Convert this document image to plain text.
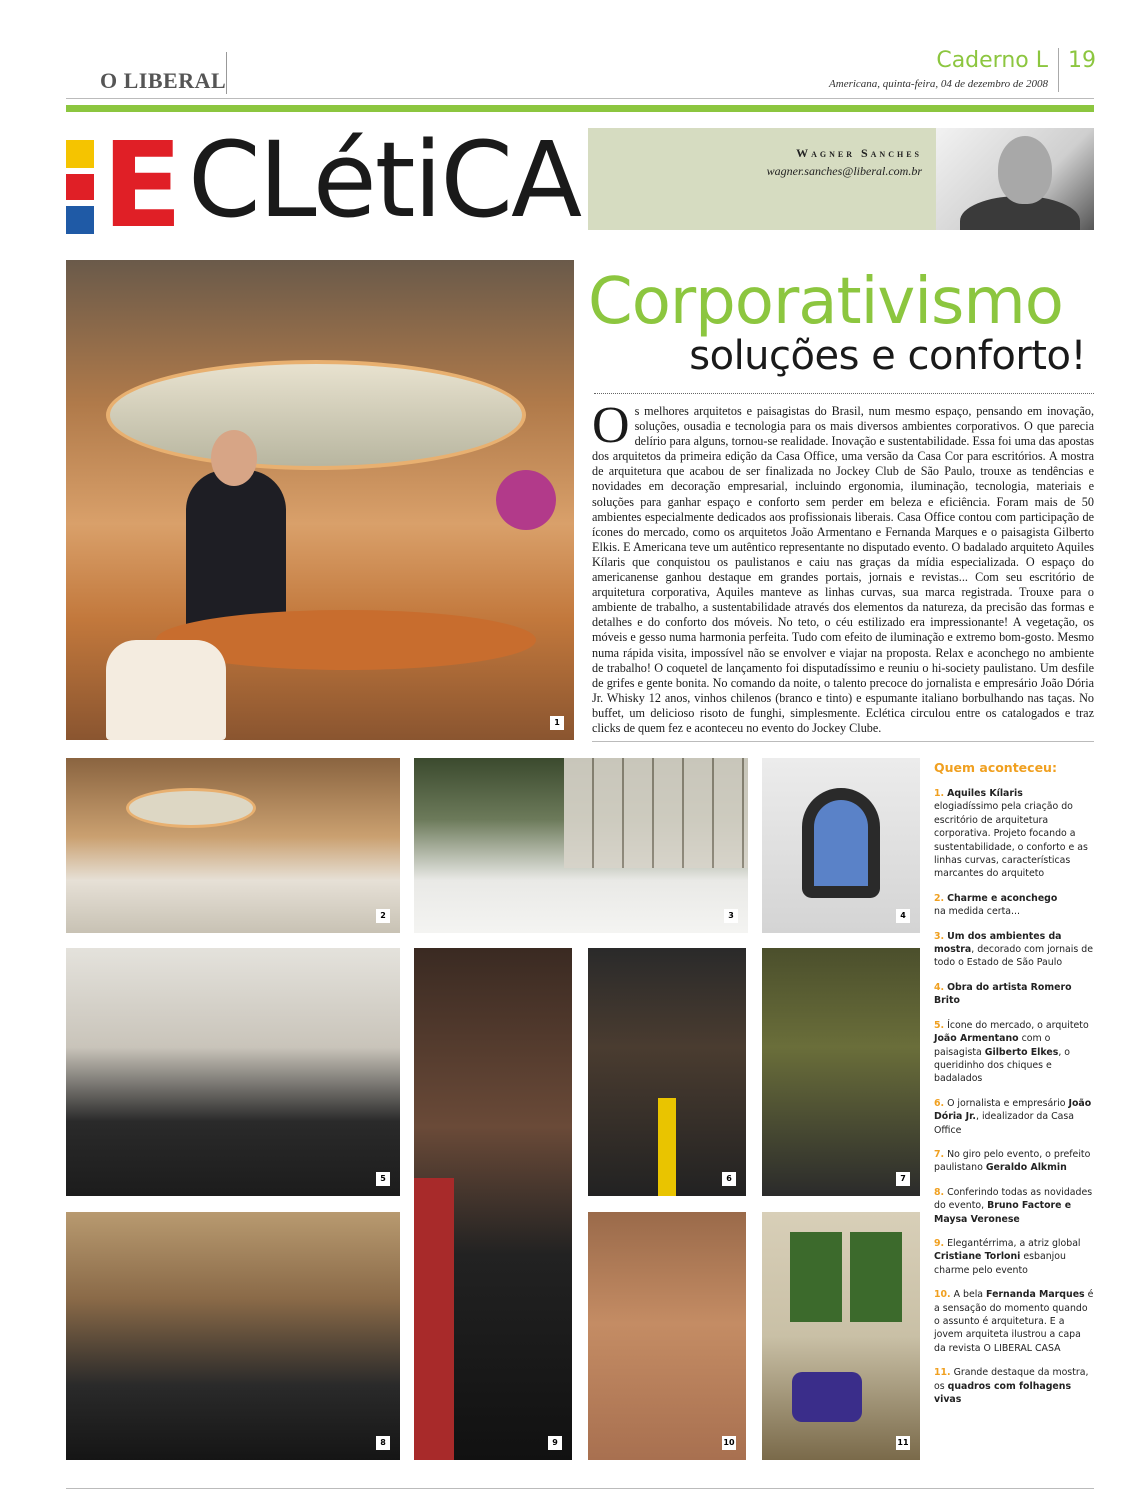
O LIBERAL
Caderno L 19
Americana, quinta-feira, 04 de dezembro de 2008
E CLétiCA	Wagner Sanches
wagner.sanches@liberal.com.br
1
Corporativismo
soluções e conforto!
Os melhores arquitetos e paisagistas do Brasil, num mesmo espaço, pensando em inovação, soluções, ousadia e tecnologia para os mais diversos ambientes corporativos. O que parecia delírio para alguns, tornou-se realidade. Inovação e sustentabilidade. Essa foi uma das apostas dos arquitetos da primeira edição da Casa Office, uma versão da Casa Cor para escritórios. A mostra de arquitetura que acabou de ser finalizada no Jockey Club de São Paulo, trouxe as tendências e novidades em decoração empresarial, incluindo ergonomia, iluminação, tecnologia, materiais e soluções para ganhar espaço e conforto sem perder em beleza e eficiência. Foram mais de 50 ambientes especialmente dedicados aos profissionais liberais. Casa Office contou com participação de ícones do mercado, como os arquitetos João Armentano e Fernanda Marques e o paisagista Gilberto Elkis. E Americana teve um autêntico representante no disputado evento. O badalado arquiteto Aquiles Kílaris que conquistou os paulistanos e caiu nas graças da mídia especializada. O espaço do americanense ganhou destaque em grandes portais, jornais e revistas... Com seu escritório de arquitetura corporativa, Aquiles manteve as linhas curvas, sua marca registrada. Trouxe para o ambiente de trabalho, a sustentabilidade através dos elementos da natureza, da precisão das formas e detalhes e do conforto dos móveis. No teto, o céu estilizado era impressionante! A vegetação, os móveis e gesso numa harmonia perfeita. Tudo com efeito de iluminação e extremo bom-gosto. Mesmo numa rápida visita, impossível não se envolver e viajar na proposta. Relax e aconchego no ambiente de trabalho! O coquetel de lançamento foi disputadíssimo e reuniu o hi-society paulistano. Um desfile de grifes e gente bonita. No comando da noite, o talento precoce do jornalista e empresário João Dória Jr. Whisky 12 anos, vinhos chilenos (branco e tinto) e espumante italiano borbulhando nas taças. No buffet, um delicioso risoto de funghi, simplesmente. Eclética circulou entre os catalogados e traz clicks de quem fez e aconteceu no evento do Jockey Clube.
2	3	4
5
9
6	7
8	10	11
Quem aconteceu:

1. Aquiles Kílaris
elogiadíssimo pela criação do escritório de arquitetura corporativa. Projeto focando a sustentabilidade, o conforto e as linhas curvas, características marcantes do arquiteto

2. Charme e aconchego
na medida certa...

3. Um dos ambientes da mostra, decorado com jornais de todo o Estado de São Paulo

4. Obra do artista Romero Brito

5. Ícone do mercado, o arquiteto João Armentano com o paisagista Gilberto Elkes, o queridinho dos chiques e badalados

6. O jornalista e empresário João Dória Jr., idealizador da Casa Office

7. No giro pelo evento, o prefeito paulistano Geraldo Alkmin

8. Conferindo todas as novidades do evento, Bruno Factore e Maysa Veronese

9. Elegantérrima, a atriz global Cristiane Torloni esbanjou charme pelo evento

10. A bela Fernanda Marques é a sensação do momento quando o assunto é arquitetura. E a jovem arquiteta ilustrou a capa da revista O LIBERAL CASA

11. Grande destaque da mostra, os quadros com folhagens vivas
